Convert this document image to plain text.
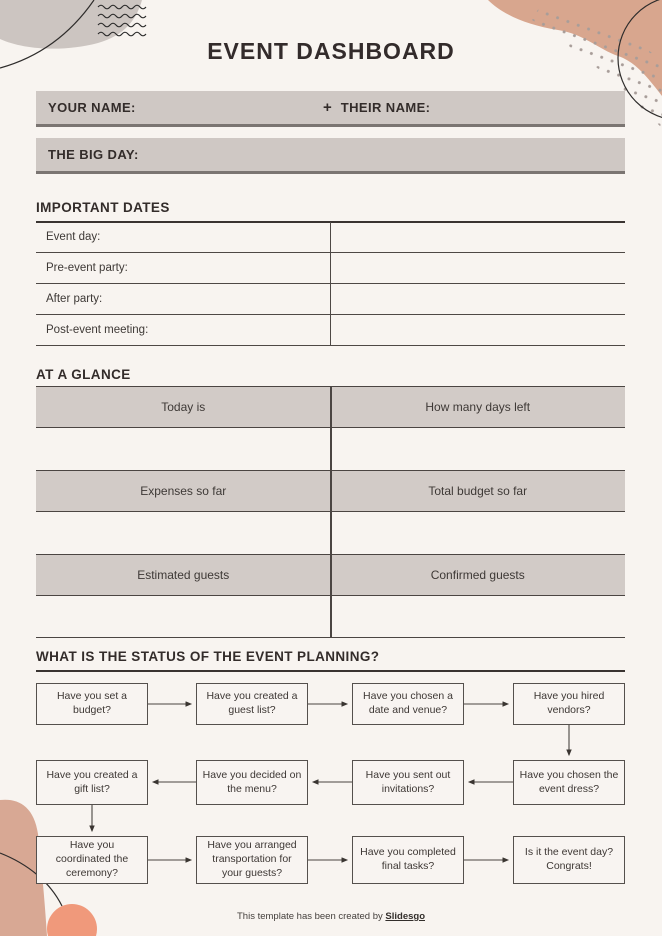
EVENT DASHBOARD
YOUR NAME:	+ THEIR NAME:
THE BIG DAY:
IMPORTANT DATES
Event day:
Pre-event party:
After party:
Post-event meeting:
AT A GLANCE
Today is	How many days left
Expenses so far	Total budget so far
Estimated guests	Confirmed guests
WHAT IS THE STATUS OF THE EVENT PLANNING?
Have you set a budget?
Have you created a guest list?
Have you chosen a date and venue?
Have you hired vendors?
Have you created a gift list?
Have you decided on the menu?
Have you sent out invitations?
Have you chosen the event dress?
Have you coordinated the ceremony?
Have you arranged transportation for your guests?
Have you completed final tasks?
Is it the event day? Congrats!
This template has been created by Slidesgo
